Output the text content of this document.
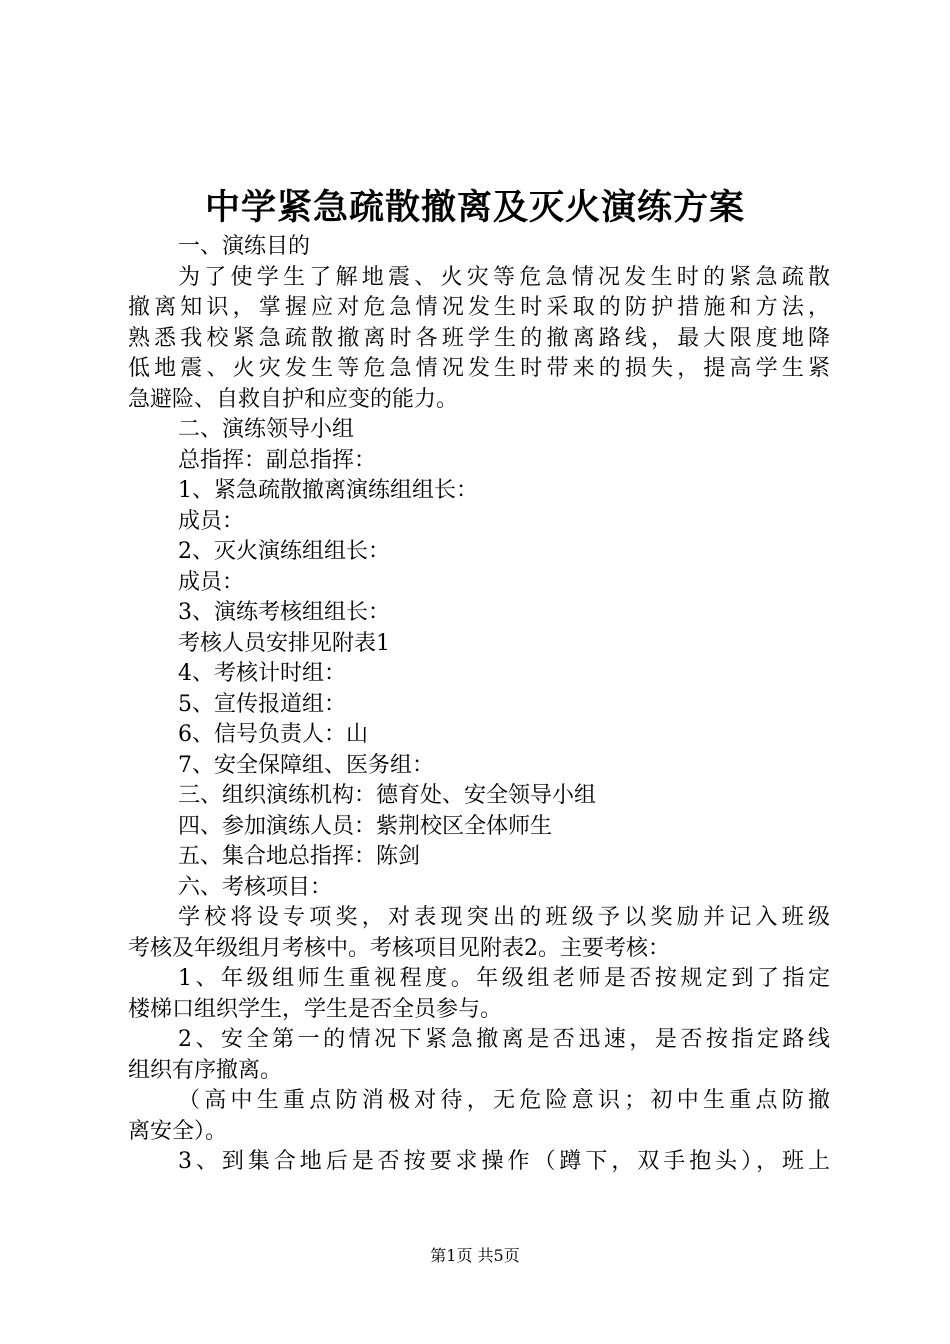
中学紧急疏散撤离及灭火演练方案
一、演练目的
为了使学生了解地震、火灾等危急情况发生时的紧急疏散
撤离知识，掌握应对危急情况发生时采取的防护措施和方法，
熟悉我校紧急疏散撤离时各班学生的撤离路线，最大限度地降
低地震、火灾发生等危急情况发生时带来的损失，提高学生紧
急避险、自救自护和应变的能力。
二、演练领导小组
总指挥：副总指挥：
1、紧急疏散撤离演练组组长：
成员：
2、灭火演练组组长：
成员：
3、演练考核组组长：
考核人员安排见附表1
4、考核计时组：
5、宣传报道组：
6、信号负责人：山
7、安全保障组、医务组：
三、组织演练机构：德育处、安全领导小组
四、参加演练人员：紫荆校区全体师生
五、集合地总指挥：陈剑
六、考核项目：
学校将设专项奖，对表现突出的班级予以奖励并记入班级
考核及年级组月考核中。考核项目见附表2。主要考核：
1、年级组师生重视程度。年级组老师是否按规定到了指定
楼梯口组织学生，学生是否全员参与。
2、安全第一的情况下紧急撤离是否迅速，是否按指定路线
组织有序撤离。
（高中生重点防消极对待，无危险意识；初中生重点防撤
离安全）。
3、到集合地后是否按要求操作（蹲下，双手抱头），班上
第1页 共5页
